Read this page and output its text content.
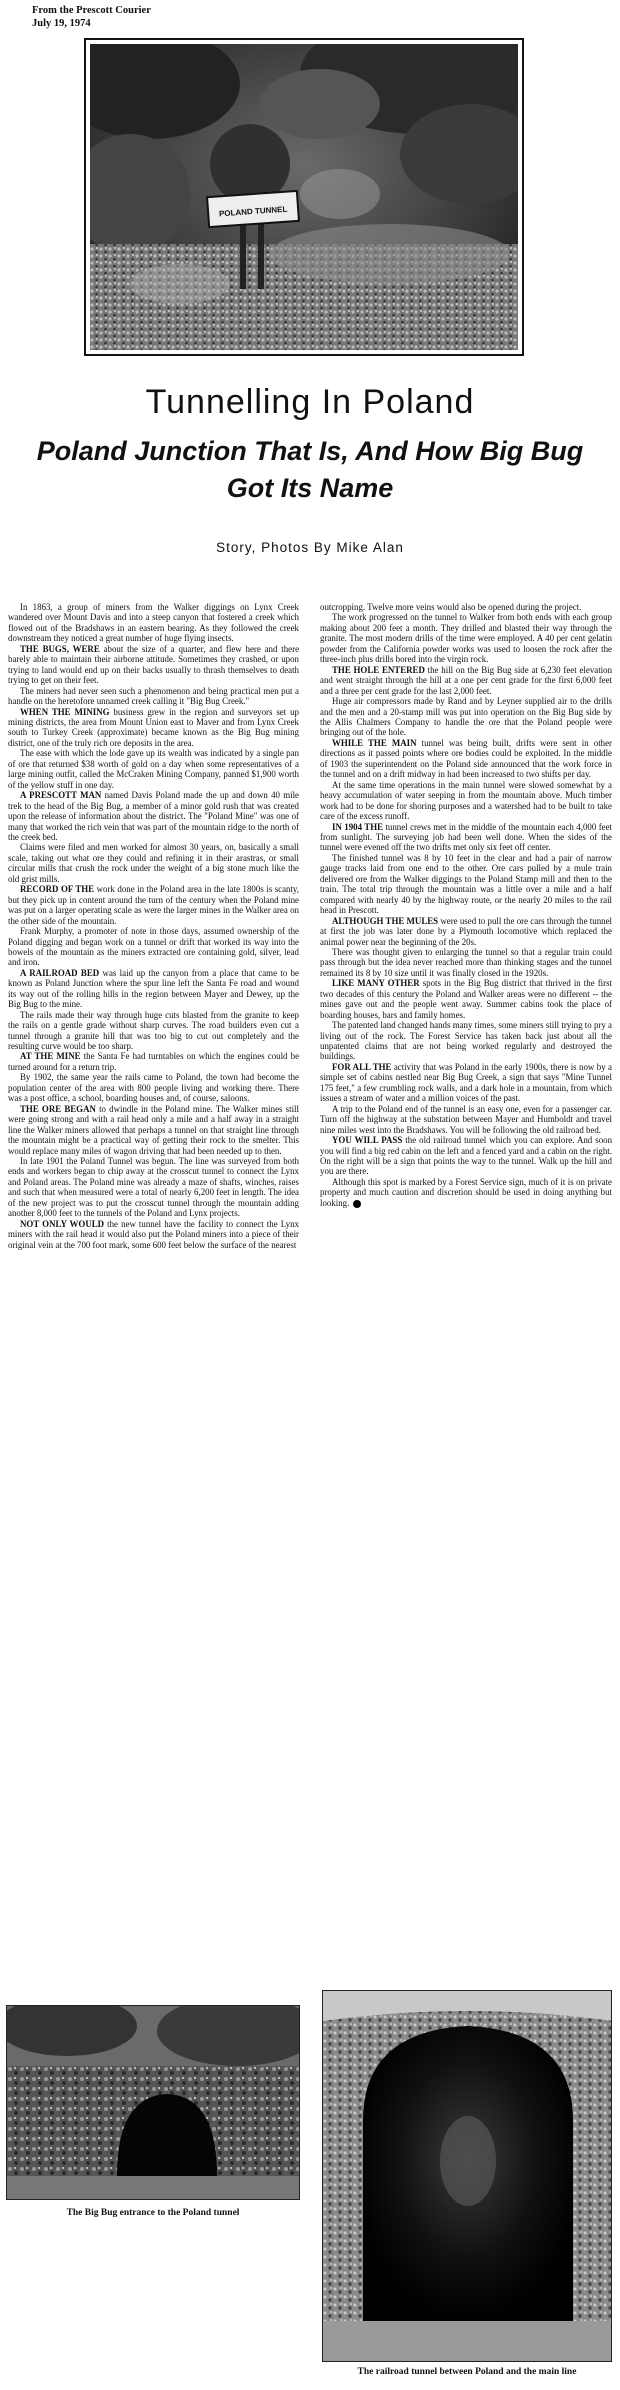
From the Prescott Courier
July 19, 1974
POLAND TUNNEL
Tunnelling In Poland
Poland Junction That Is, And How Big Bug Got Its Name
Story, Photos By Mike Alan

In 1863, a group of miners from the Walker diggings on Lynx Creek wandered over Mount Davis and into a steep canyon that fostered a creek which flowed out of the Bradshaws in an eastern bearing. As they followed the creek downstream they noticed a great number of huge flying insects.

THE BUGS, WERE about the size of a quarter, and flew here and there barely able to maintain their airborne attitude. Sometimes they crashed, or upon trying to land would end up on their backs usually to thrash themselves to death trying to get on their feet.

The miners had never seen such a phenomenon and being practical men put a handle on the heretofore unnamed creek calling it "Big Bug Creek."

WHEN THE MINING business grew in the region and surveyors set up mining districts, the area from Mount Union east to Maver and from Lynx Creek south to Turkey Creek (approximate) became known as the Big Bug mining district, one of the truly rich ore deposits in the area.

The ease with which the lode gave up its wealth was indicated by a single pan of ore that returned $38 worth of gold on a day when some representatives of a large mining outfit, called the McCraken Mining Company, panned $1,900 worth of the yellow stuff in one day.

A PRESCOTT MAN named Davis Poland made the up and down 40 mile trek to the head of the Big Bug, a member of a minor gold rush that was created upon the release of information about the district. The "Poland Mine" was one of many that worked the rich vein that was part of the mountain ridge to the north of the creek bed.

Claims were filed and men worked for almost 30 years, on, basically a small scale, taking out what ore they could and refining it in their arastras, or small circular mills that crush the rock under the weight of a big stone much like the old grist mills.

RECORD OF THE work done in the Poland area in the late 1800s is scanty, but they pick up in content around the turn of the century when the Poland mine was put on a larger operating scale as were the larger mines in the Walker area on the other side of the mountain.

Frank Murphy, a promoter of note in those days, assumed ownership of the Poland digging and began work on a tunnel or drift that worked its way into the bowels of the mountain as the miners extracted ore containing gold, silver, lead and iron.

A RAILROAD BED was laid up the canyon from a place that came to be known as Poland Junction where the spur line left the Santa Fe road and wound its way out of the rolling hills in the region between Mayer and Dewey, up the Big Bug to the mine.

The rails made their way through huge cuts blasted from the granite to keep the rails on a gentle grade without sharp curves. The road builders even cut a tunnel through a granite hill that was too big to cut out completely and the resulting curve would be too sharp.

AT THE MINE the Santa Fe had turntables on which the engines could be turned around for a return trip.

By 1902, the same year the rails came to Poland, the town had become the population center of the area with 800 people living and working there. There was a post office, a school, boarding houses and, of course, saloons.

THE ORE BEGAN to dwindle in the Poland mine. The Walker mines still were going strong and with a rail head only a mile and a half away in a straight line the Walker miners allowed that perhaps a tunnel on that straight line through the mountain might be a practical way of getting their rock to the smelter. This would replace many miles of wagon driving that had been needed up to then.

In late 1901 the Poland Tunnel was begun. The line was surveyed from both ends and workers began to chip away at the crosscut tunnel to connect the Lynx and Poland areas. The Poland mine was already a maze of shafts, winches, raises and such that when measured were a total of nearly 6,200 feet in length. The idea of the new project was to put the crosscut tunnel through the mountain adding another 8,000 feet to the tunnels of the Poland and Lynx projects.

NOT ONLY WOULD the new tunnel have the facility to connect the Lynx miners with the rail head it would also put the Poland miners into a piece of their original vein at the 700 foot mark, some 600 feet below the surface of the nearest

outcropping. Twelve more veins would also be opened during the project.

The work progressed on the tunnel to Walker from both ends with each group making about 200 feet a month. They drilled and blasted their way through the granite. The most modern drills of the time were employed. A 40 per cent gelatin powder from the California powder works was used to loosen the rock after the three-inch plus drills bored into the virgin rock.

THE HOLE ENTERED the hill on the Big Bug side at 6,230 feet elevation and went straight through the hill at a one per cent grade for the first 6,000 feet and a three per cent grade for the last 2,000 feet.

Huge air compressors made by Rand and by Leyner supplied air to the drills and the men and a 20-stamp mill was put into operation on the Big Bug side by the Allis Chalmers Company to handle the ore that the Poland people were bringing out of the hole.

WHILE THE MAIN tunnel was being built, drifts were sent in other directions as it passed points where ore bodies could be exploited. In the middle of 1903 the superintendent on the Poland side announced that the work force in the tunnel and on a drift midway in had been increased to two shifts per day.

At the same time operations in the main tunnel were slowed somewhat by a heavy accumulation of water seeping in from the mountain above. Much timber work had to be done for shoring purposes and a watershed had to be built to take care of the excess runoff.

IN 1904 THE tunnel crews met in the middle of the mountain each 4,000 feet from sunlight. The surveying job had been well done. When the sides of the tunnel were evened off the two drifts met only six feet off center.

The finished tunnel was 8 by 10 feet in the clear and had a pair of narrow gauge tracks laid from one end to the other. Ore cars pulled by a mule train delivered ore from the Walker diggings to the Poland Stamp mill and then to the train. The total trip through the mountain was a little over a mile and a half compared with nearly 40 by the highway route, or the nearly 20 miles to the rail head in Prescott.

ALTHOUGH THE MULES were used to pull the ore cars through the tunnel at first the job was later done by a Plymouth locomotive which replaced the animal power near the beginning of the 20s.

There was thought given to enlarging the tunnel so that a regular train could pass through but the idea never reached more than thinking stages and the tunnel remained its 8 by 10 size until it was finally closed in the 1920s.

LIKE MANY OTHER spots in the Big Bug district that thrived in the first two decades of this century the Poland and Walker areas were no different -- the mines gave out and the people went away. Summer cabins took the place of boarding houses, bars and family homes.

The patented land changed hands many times, some miners still trying to pry a living out of the rock. The Forest Service has taken back just about all the unpatented claims that are not being worked regularly and destroyed the buildings.

FOR ALL THE activity that was Poland in the early 1900s, there is now by a simple set of cabins nestled near Big Bug Creek, a sign that says "Mine Tunnel 175 feet," a few crumbling rock walls, and a dark hole in a mountain, from which issues a stream of water and a million voices of the past.

A trip to the Poland end of the tunnel is an easy one, even for a passenger car. Turn off the highway at the substation between Mayer and Humboldt and travel nine miles west into the Bradshaws. You will be following the old railroad bed.

YOU WILL PASS the old railroad tunnel which you can explore. And soon you will find a big red cabin on the left and a fenced yard and a cabin on the right. On the right will be a sign that points the way to the tunnel. Walk up the hill and you are there.

Although this spot is marked by a Forest Service sign, much of it is on private property and much caution and discretion should be used in doing anything but looking.

The Big Bug entrance to the Poland tunnel
The railroad tunnel between Poland and the main line
